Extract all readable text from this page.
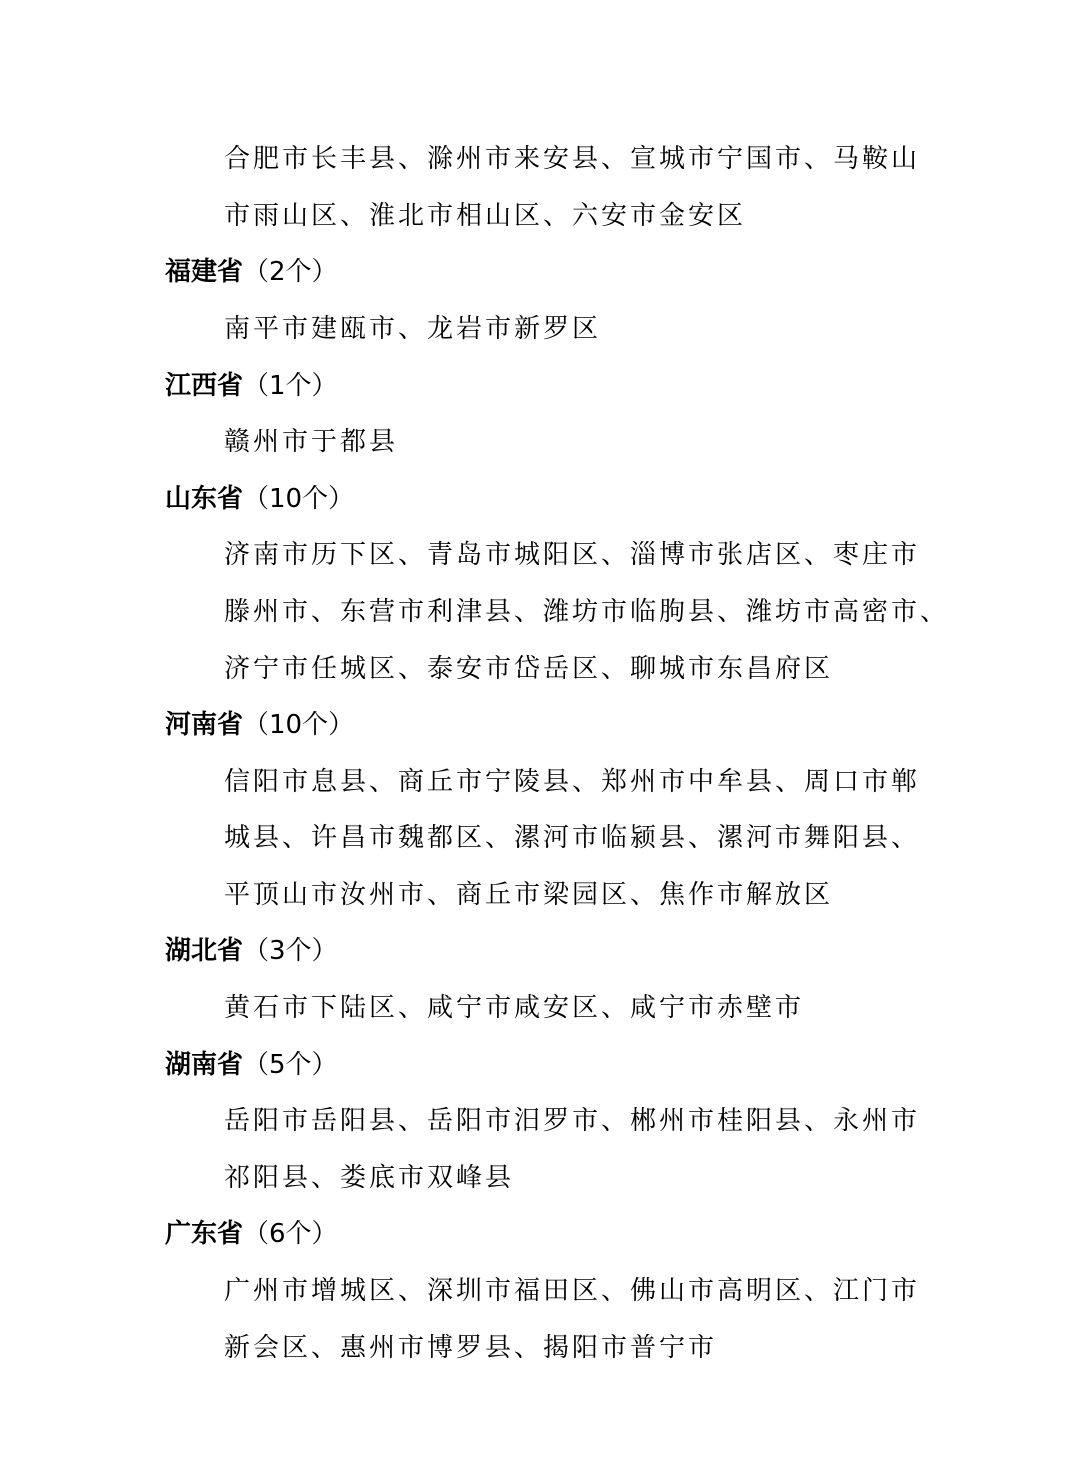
合肥市长丰县、滁州市来安县、宣城市宁国市、马鞍山
市雨山区、淮北市相山区、六安市金安区
福建省（2个）
南平市建瓯市、龙岩市新罗区
江西省（1个）
赣州市于都县
山东省（10个）
济南市历下区、青岛市城阳区、淄博市张店区、枣庄市
滕州市、东营市利津县、潍坊市临朐县、潍坊市高密市、
济宁市任城区、泰安市岱岳区、聊城市东昌府区
河南省（10个）
信阳市息县、商丘市宁陵县、郑州市中牟县、周口市郸
城县、许昌市魏都区、漯河市临颍县、漯河市舞阳县、
平顶山市汝州市、商丘市梁园区、焦作市解放区
湖北省（3个）
黄石市下陆区、咸宁市咸安区、咸宁市赤壁市
湖南省（5个）
岳阳市岳阳县、岳阳市汨罗市、郴州市桂阳县、永州市
祁阳县、娄底市双峰县
广东省（6个）
广州市增城区、深圳市福田区、佛山市高明区、江门市
新会区、惠州市博罗县、揭阳市普宁市
